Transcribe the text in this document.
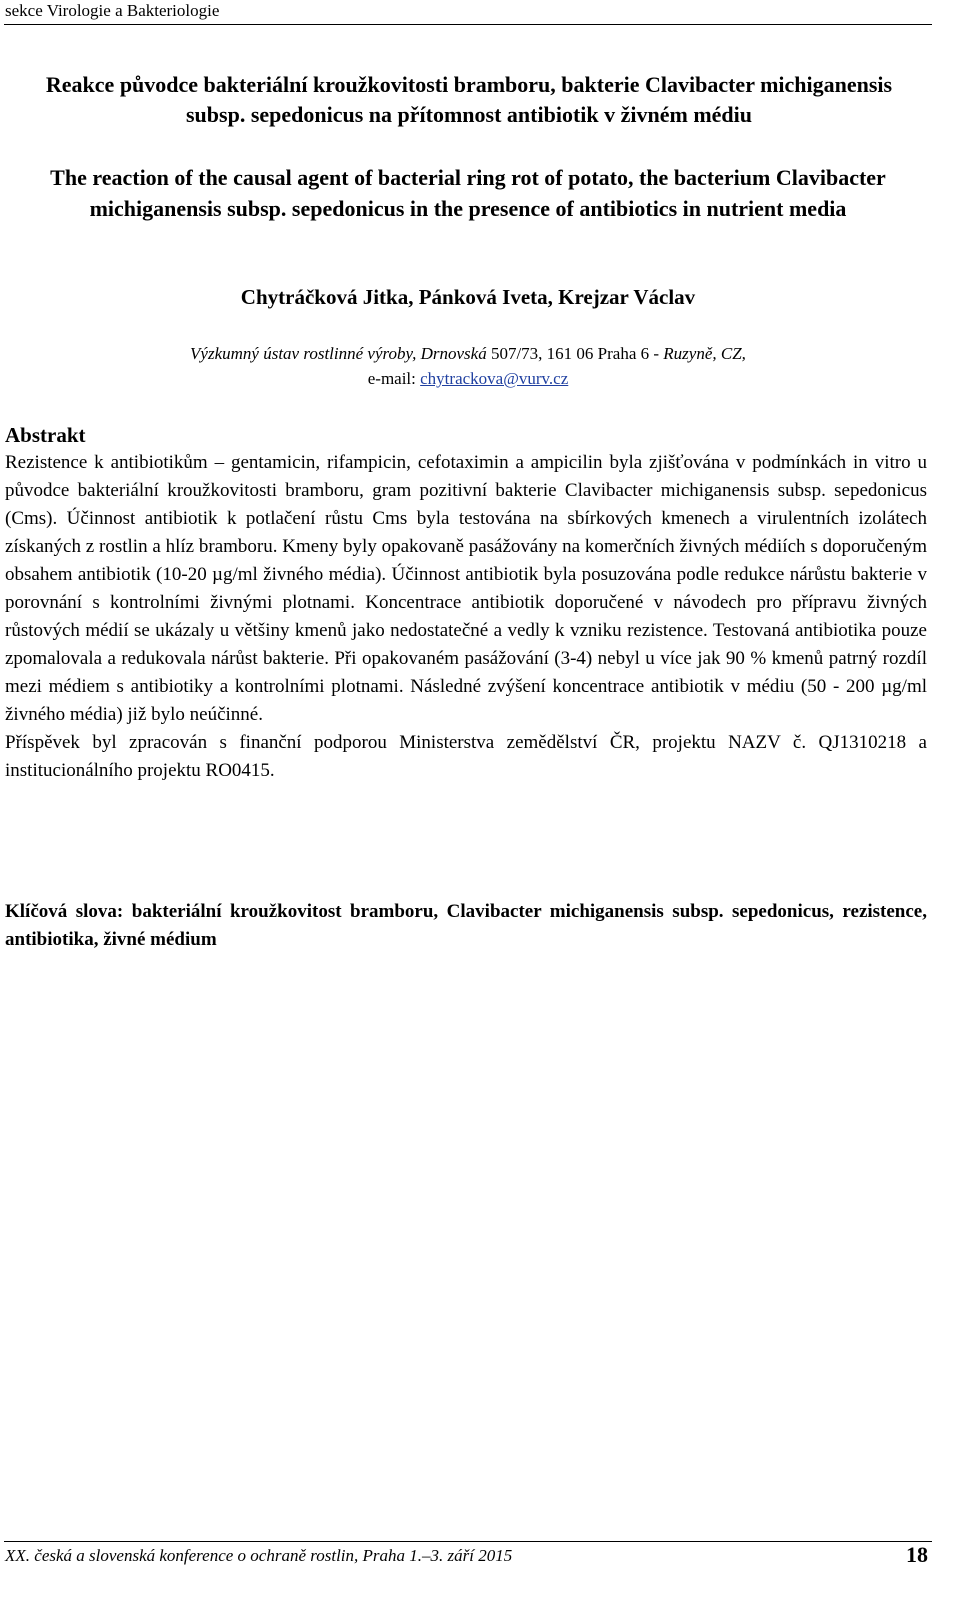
sekce Virologie a Bakteriologie
Reakce původce bakteriální kroužkovitosti bramboru, bakterie Clavibacter michiganensis subsp. sepedonicus na přítomnost antibiotik v živném médiu
The reaction of the causal agent of bacterial ring rot of potato, the bacterium Clavibacter michiganensis subsp. sepedonicus in the presence of antibiotics in nutrient media
Chytráčková Jitka, Pánková Iveta, Krejzar Václav
Výzkumný ústav rostlinné výroby, Drnovská 507/73, 161 06 Praha 6 - Ruzyně, CZ,
e-mail: chytrackova@vurv.cz
Abstrakt

Rezistence k antibiotikům – gentamicin, rifampicin, cefotaximin a ampicilin byla zjišťována v podmínkách in vitro u původce bakteriální kroužkovitosti bramboru, gram pozitivní bakterie Clavibacter michiganensis subsp. sepedonicus (Cms). Účinnost antibiotik k potlačení růstu Cms byla testována na sbírkových kmenech a virulentních izolátech získaných z rostlin a hlíz bramboru. Kmeny byly opakovaně pasážovány na komerčních živných médiích s doporučeným obsahem antibiotik (10-20 µg/ml živného média). Účinnost antibiotik byla posuzována podle redukce nárůstu bakterie v porovnání s kontrolními živnými plotnami. Koncentrace antibiotik doporučené v návodech pro přípravu živných růstových médií se ukázaly u většiny kmenů jako nedostatečné a vedly k vzniku rezistence. Testovaná antibiotika pouze zpomalovala a redukovala nárůst bakterie. Při opakovaném pasážování (3-4) nebyl u více jak 90 % kmenů patrný rozdíl mezi médiem s antibiotiky a kontrolními plotnami. Následné zvýšení koncentrace antibiotik v médiu (50 - 200 µg/ml živného média) již bylo neúčinné.

Příspěvek byl zpracován s finanční podporou Ministerstva zemědělství ČR, projektu NAZV č. QJ1310218 a institucionálního projektu RO0415.

Klíčová slova: bakteriální kroužkovitost bramboru, Clavibacter michiganensis subsp. sepedonicus, rezistence, antibiotika, živné médium
XX. česká a slovenská konference o ochraně rostlin, Praha 1.–3. září 2015	18
